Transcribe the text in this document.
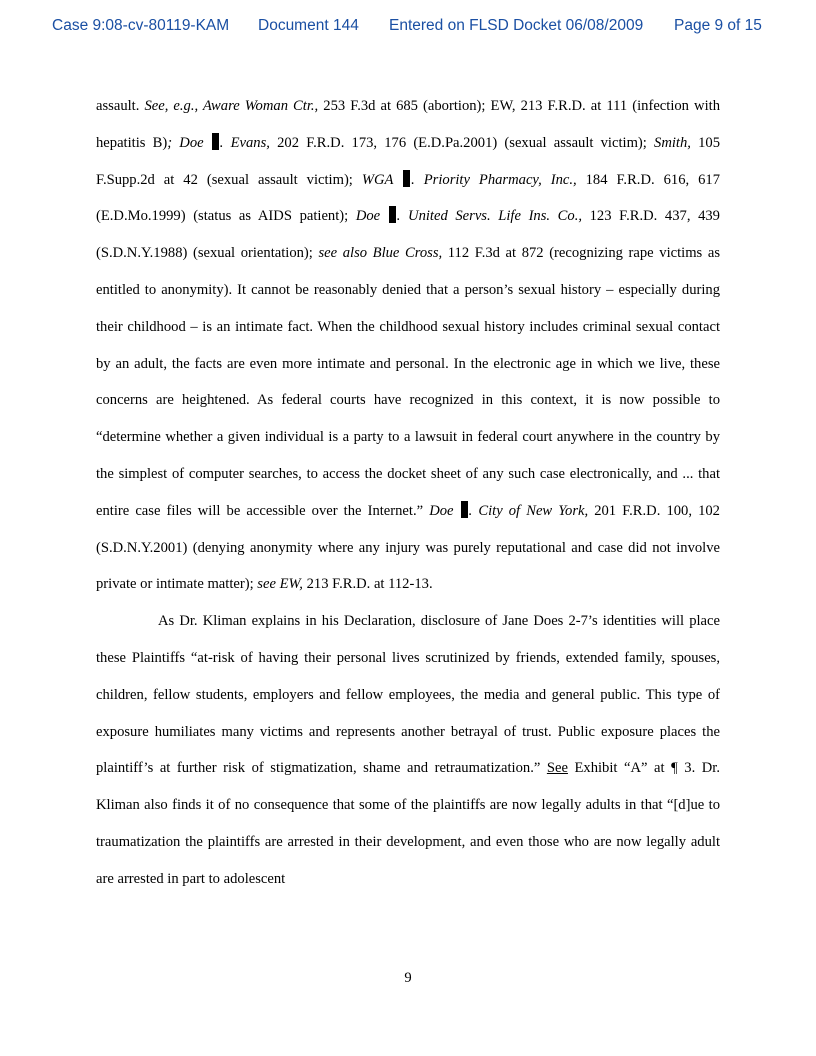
Case 9:08-cv-80119-KAM Document 144 Entered on FLSD Docket 06/08/2009 Page 9 of 15

assault. See, e.g., Aware Woman Ctr., 253 F.3d at 685 (abortion); EW, 213 F.R.D. at 111 (infection with hepatitis B); Doe . Evans, 202 F.R.D. 173, 176 (E.D.Pa.2001) (sexual assault victim); Smith, 105 F.Supp.2d at 42 (sexual assault victim); WGA . Priority Pharmacy, Inc., 184 F.R.D. 616, 617 (E.D.Mo.1999) (status as AIDS patient); Doe . United Servs. Life Ins. Co., 123 F.R.D. 437, 439 (S.D.N.Y.1988) (sexual orientation); see also Blue Cross, 112 F.3d at 872 (recognizing rape victims as entitled to anonymity). It cannot be reasonably denied that a person’s sexual history – especially during their childhood – is an intimate fact. When the childhood sexual history includes criminal sexual contact by an adult, the facts are even more intimate and personal. In the electronic age in which we live, these concerns are heightened. As federal courts have recognized in this context, it is now possible to “determine whether a given individual is a party to a lawsuit in federal court anywhere in the country by the simplest of computer searches, to access the docket sheet of any such case electronically, and ... that entire case files will be accessible over the Internet.” Doe . City of New York, 201 F.R.D. 100, 102 (S.D.N.Y.2001) (denying anonymity where any injury was purely reputational and case did not involve private or intimate matter); see EW, 213 F.R.D. at 112-13.

As Dr. Kliman explains in his Declaration, disclosure of Jane Does 2-7’s identities will place these Plaintiffs “at-risk of having their personal lives scrutinized by friends, extended family, spouses, children, fellow students, employers and fellow employees, the media and general public. This type of exposure humiliates many victims and represents another betrayal of trust. Public exposure places the plaintiff’s at further risk of stigmatization, shame and retraumatization.” See Exhibit “A” at ¶ 3. Dr. Kliman also finds it of no consequence that some of the plaintiffs are now legally adults in that “[d]ue to traumatization the plaintiffs are arrested in their development, and even those who are now legally adult are arrested in part to adolescent

9
